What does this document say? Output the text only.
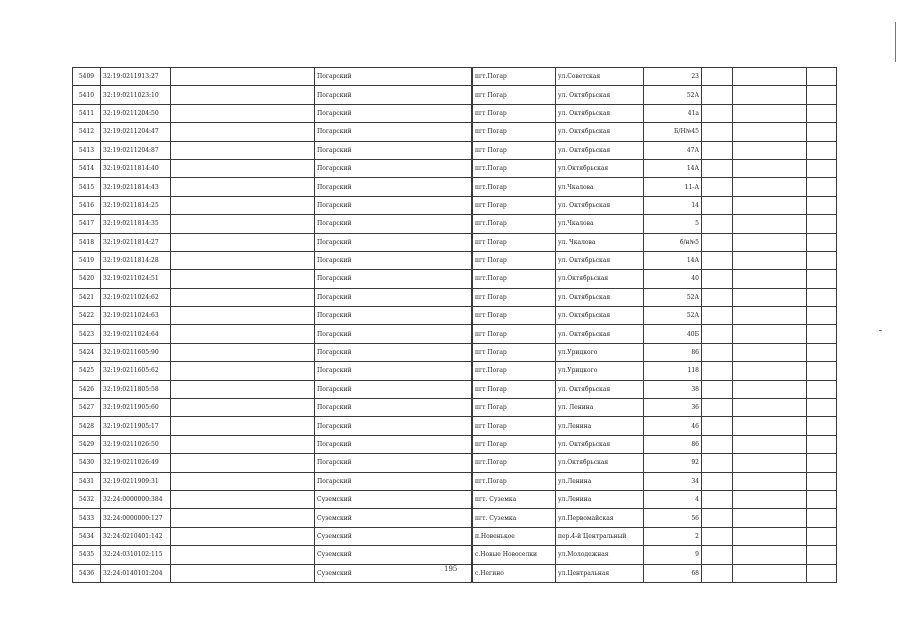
5409	32:19:0211913:27		Погарский		пгт.Погар	ул.Советская	23			
5410	32:19:0211023:10		Погарский		пгт Погар	ул. Октябрьская	52А			
5411	32:19:0211204:50		Погарский		пгт Погар	ул. Октябрьская	41а			
5412	32:19:0211204:47		Погарский		пгт Погар	ул. Октябрьская	Б/Н№45			
5413	32:19:0211204:87		Погарский		пгт Погар	ул. Октябрьская	47А			
5414	32:19:0211814:40		Погарский		пгт.Погар	ул.Октябрьская	14А			
5415	32:19:0211814:43		Погарский		пгт.Погар	ул.Чкалова	11-А			
5416	32:19:0211814:25		Погарский		пгт Погар	ул. Октябрьская	14			
5417	32:19:0211814:35		Погарский		пгт.Погар	ул.Чкалова	5			
5418	32:19:0211814:27		Погарский		пгт Погар	ул. Чкалова	б/н№5			
5419	32:19:0211814:28		Погарский		пгт Погар	ул. Октябрьская	14А			
5420	32:19:0211024:51		Погарский		пгт.Погар	ул.Октябрьская	40			
5421	32:19:0211024:62		Погарский		пгт Погар	ул. Октябрьская	52А			
5422	32:19:0211024:63		Погарский		пгт Погар	ул. Октябрьская	52А			
5423	32:19:0211024:64		Погарский		пгт Погар	ул. Октябрьская	40Б			
5424	32:19:0211605:90		Погарский		пгт Погар	ул.Урицкого	86			
5425	32:19:0211605:62		Погарский		пгт.Погар	ул.Урицкого	118			
5426	32:19:0211805:58		Погарский		пгт Погар	ул. Октябрьская	38			
5427	32:19:0211905:60		Погарский		пгт Погар	ул. Ленина	36			
5428	32:19:0211905:17		Погарский		пгт Погар	ул.Ленина	46			
5429	32:19:0211026:50		Погарский		пгт Погар	ул. Октябрьская	86			
5430	32:19:0211026:49		Погарский		пгт.Погар	ул.Октябрьская	92			
5431	32:19:0211909:31		Погарский		пгт.Погар	ул.Ленина	34			
5432	32:24:0000000:384		Суземский		пгт. Суземка	ул.Ленина	4			
5433	32:24:0000000:127		Суземский		пгт. Суземка	ул.Первомайская	56			
5434	32:24:0210401:142		Суземский		п.Новенькое	пер.4-й Центральный	2			
5435	32:24:0310102:115		Суземский		с.Новые Новоселки	ул.Молодежная	9			
5436	32:24:0140101:204		Суземский		с.Негино	ул.Центральная	68			
195
